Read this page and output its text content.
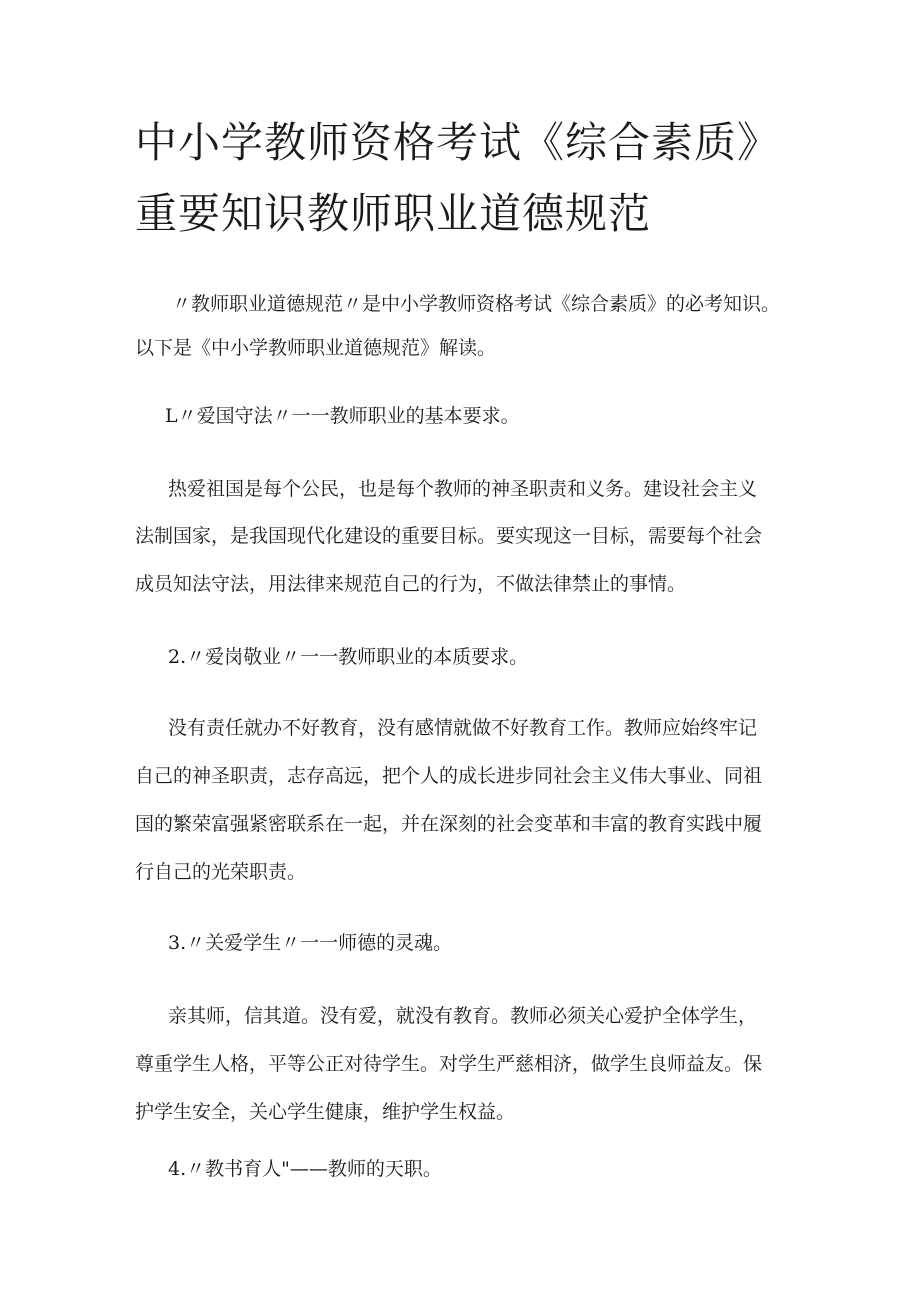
中小学教师资格考试《综合素质》
重要知识教师职业道德规范

〃教师职业道德规范〃是中小学教师资格考试《综合素质》的必考知识。

以下是《中小学教师职业道德规范》解读。

L〃爱国守法〃一一教师职业的基本要求。

热爱祖国是每个公民，也是每个教师的神圣职责和义务。建设社会主义

法制国家，是我国现代化建设的重要目标。要实现这一目标，需要每个社会

成员知法守法，用法律来规范自己的行为，不做法律禁止的事情。

2.〃爱岗敬业〃一一教师职业的本质要求。

没有责任就办不好教育，没有感情就做不好教育工作。教师应始终牢记

自己的神圣职责，志存高远，把个人的成长进步同社会主义伟大事业、同祖

国的繁荣富强紧密联系在一起，并在深刻的社会变革和丰富的教育实践中履

行自己的光荣职责。

3.〃关爱学生〃一一师德的灵魂。

亲其师，信其道。没有爱，就没有教育。教师必须关心爱护全体学生，

尊重学生人格，平等公正对待学生。对学生严慈相济，做学生良师益友。保

护学生安全，关心学生健康，维护学生权益。

4.〃教书育人"——教师的天职。
